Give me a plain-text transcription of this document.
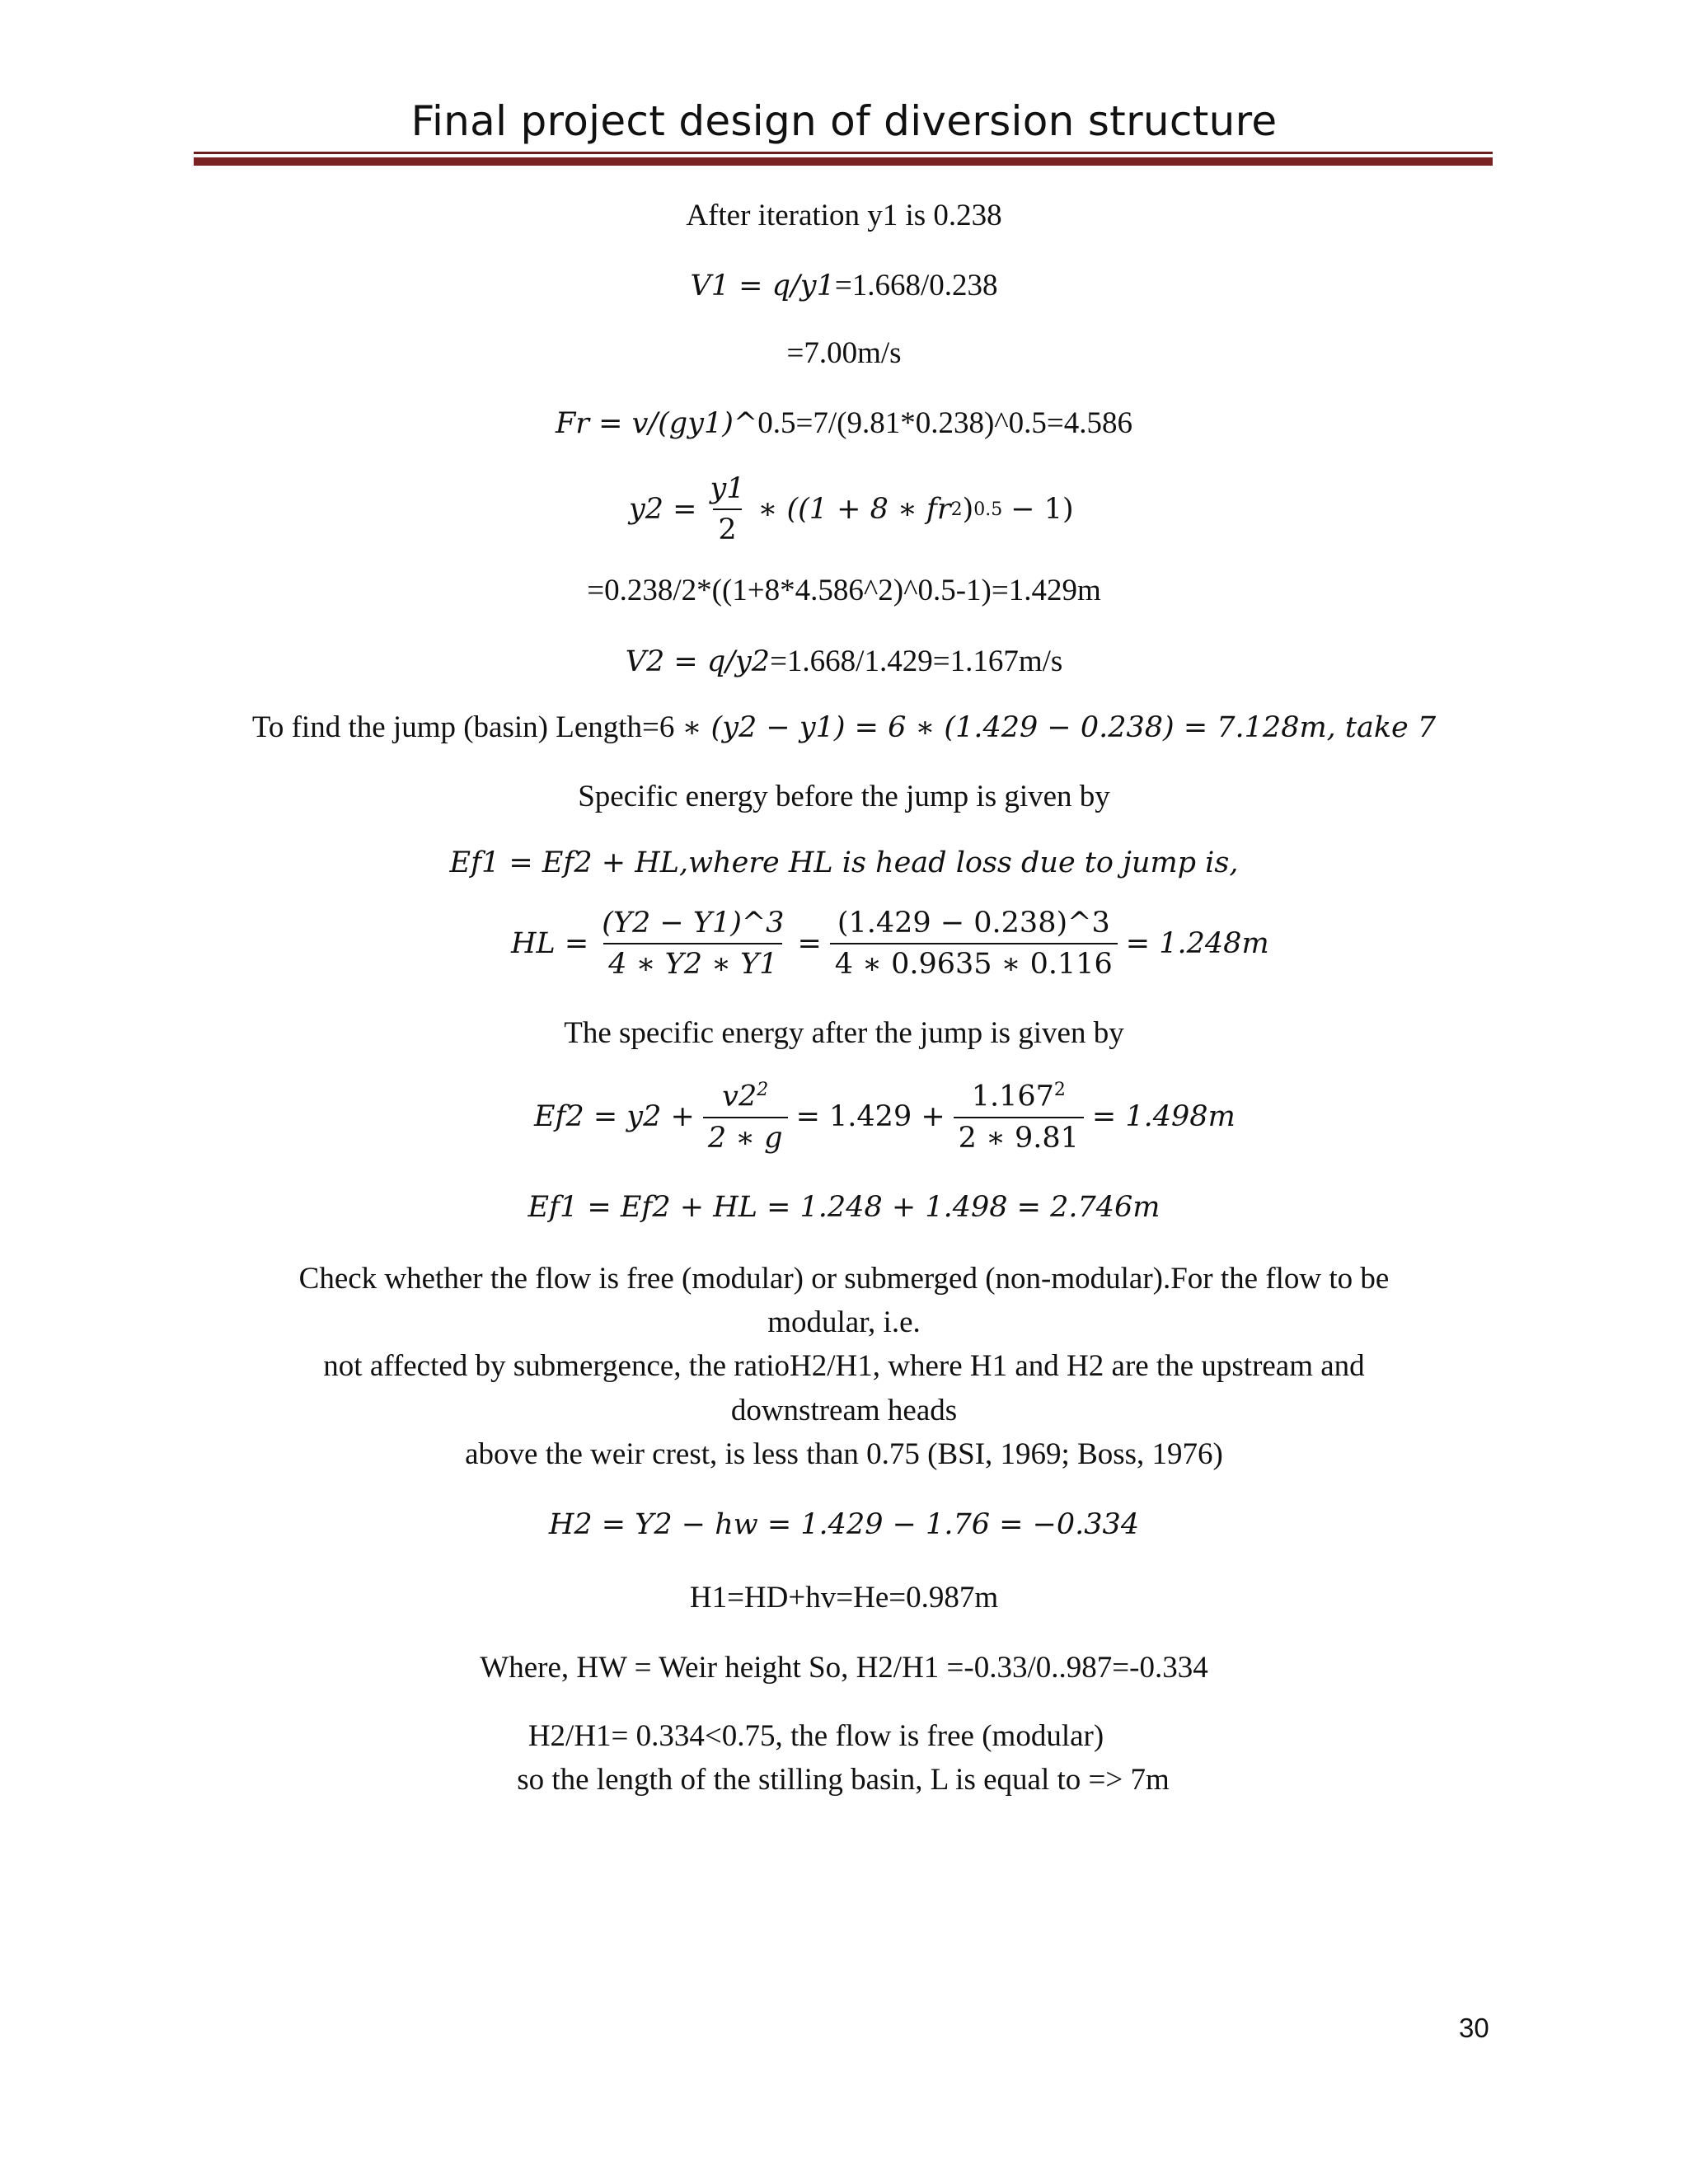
Final project design of diversion structure
After iteration y1 is 0.238
V1 = q/y1=1.668/0.238
=7.00m/s
Fr = v/(gy1)^0.5=7/(9.81*0.238)^0.5=4.586
$y2 = \frac{y1}{2}$ ∗ ((1 + 8 ∗ fr 2 ) 0.5 − 1)
=0.238/2*((1+8*4.586^2)^0.5-1)=1.429m
V2 = q/y2=1.668/1.429=1.167m/s
To find the jump (basin) Length=6 ∗ (y2 − y1) = 6 ∗ (1.429 − 0.238) = 7.128m, take 7
Specific energy before the jump is given by
Ef1 = Ef2 + HL,where HL is head loss due to jump is,
HL = $\frac{(Y2 - Y1)\^{}3}{4 ∗ Y2 ∗ Y1} = \frac{(1.429 - 0.238)\^{}3}{4 ∗ 0.9635 ∗ 0.116} = 1.248m$
The specific energy after the jump is given by
$Ef2 = y2 + \frac{v2^2}{2 ∗ g} = 1.429 + \frac{1.167^2}{2 ∗ 9.81} = 1.498m$
Ef1 = Ef2 + HL = 1.248 + 1.498 = 2.746m
Check whether the flow is free (modular) or submerged (non-modular).For the flow to be
modular, i.e.
not affected by submergence, the ratioH2/H1, where H1 and H2 are the upstream and
downstream heads
above the weir crest, is less than 0.75 (BSI, 1969; Boss, 1976)
H2 = Y2 − hw = 1.429 − 1.76 = −0.334
H1=HD+hv=He=0.987m
Where, HW = Weir height So, H2/H1 =-0.33/0..987=-0.334
H2/H1= 0.334<0.75, the flow is free (modular)
so the length of the stilling basin, L is equal to => 7m
30
